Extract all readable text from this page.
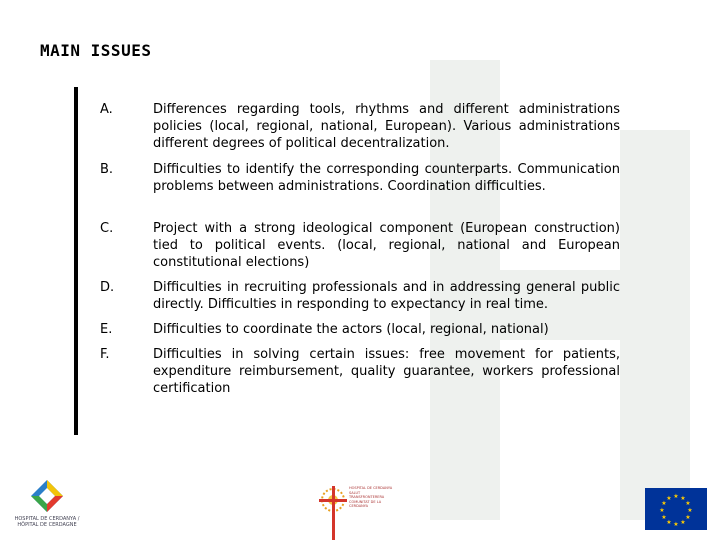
MAIN ISSUES
A.	Differences regarding tools, rhythms and different administrations policies (local, regional, national, European). Various administrations different degrees of political decentralization.
B.	Difficulties to identify the corresponding counterparts. Communication problems between administrations. Coordination difficulties.
C.	Project with a strong ideological component (European construction) tied to political events. (local, regional, national and European constitutional elections)
D.	Difficulties in recruiting professionals and in addressing general public directly. Difficulties in responding to expectancy in real time.
E.	Difficulties to coordinate the actors (local, regional, national)
F.	Difficulties in solving certain issues: free movement for patients, expenditure reimbursement, quality guarantee, workers professional certification
HOSPITAL DE CERDANYA / HÔPITAL DE CERDAGNE
HOSPITAL DE CERDANYA SALUT TRANSFRONTERERA COMUNITAT DE LA CERDANYA
★ ★
★
★
★
★
★
★
★
★
★
★
